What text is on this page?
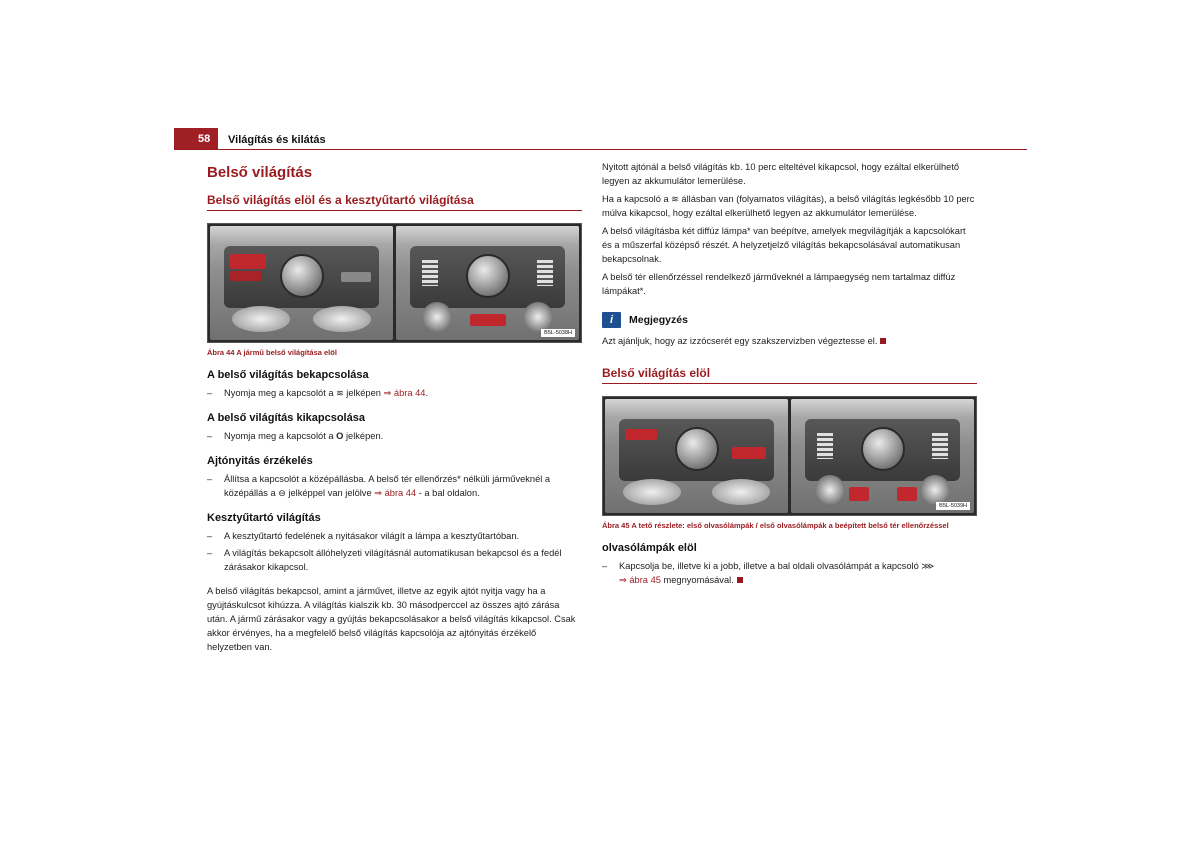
58	Világítás és kilátás
Belső világítás
Belső világítás elöl és a kesztyűtartó világítása
B5L-5038H
Ábra 44 A jármű belső világítása elöl
A belső világítás bekapcsolása
– Nyomja meg a kapcsolót a ≋ jelképen ⇒ ábra 44.
A belső világítás kikapcsolása
– Nyomja meg a kapcsolót a O jelképen.
Ajtónyitás érzékelés
– Állítsa a kapcsolót a középállásba. A belső tér ellenőrzés* nélküli járműveknél a középállás a ⊖ jelképpel van jelölve ⇒ ábra 44 - a bal oldalon.
Kesztyűtartó világítás
– A kesztyűtartó fedelének a nyitásakor világít a lámpa a kesztyűtartóban.
– A világítás bekapcsolt állóhelyzeti világításnál automatikusan bekapcsol és a fedél zárásakor kikapcsol.

A belső világítás bekapcsol, amint a járművet, illetve az egyik ajtót nyitja vagy ha a gyújtáskulcsot kihúzza. A világítás kialszik kb. 30 másodperccel az összes ajtó zárása után. A jármű zárásakor vagy a gyújtás bekapcsolásakor a belső világítás kikapcsol. Csak akkor érvényes, ha a megfelelő belső világítás kapcsolója az ajtónyitás érzékelő helyzetben van.

Nyitott ajtónál a belső világítás kb. 10 perc elteltével kikapcsol, hogy ezáltal elkerülhető legyen az akkumulátor lemerülése.

Ha a kapcsoló a ≋ állásban van (folyamatos világítás), a belső világítás legkésőbb 10 perc múlva kikapcsol, hogy ezáltal elkerülhető legyen az akkumulátor lemerülése.

A belső világításba két diffúz lámpa* van beépítve, amelyek megvilágítják a kapcsolókart és a műszerfal középső részét. A helyzetjelző világítás bekapcsolásával automatikusan bekapcsolnak.

A belső tér ellenőrzéssel rendelkező járműveknél a lámpaegység nem tartalmaz diffúz lámpákat*.

i	Megjegyzés

Azt ajánljuk, hogy az izzócserét egy szakszervizben végeztesse el.

Belső világítás elöl
B5L-5039H
Ábra 45 A tető részlete: első olvasólámpák / első olvasólámpák a beépített belső tér ellenőrzéssel
olvasólámpák elöl
– Kapcsolja be, illetve ki a jobb, illetve a bal oldali olvasólámpát a kapcsoló ⋙
⇒ ábra 45 megnyomásával.
